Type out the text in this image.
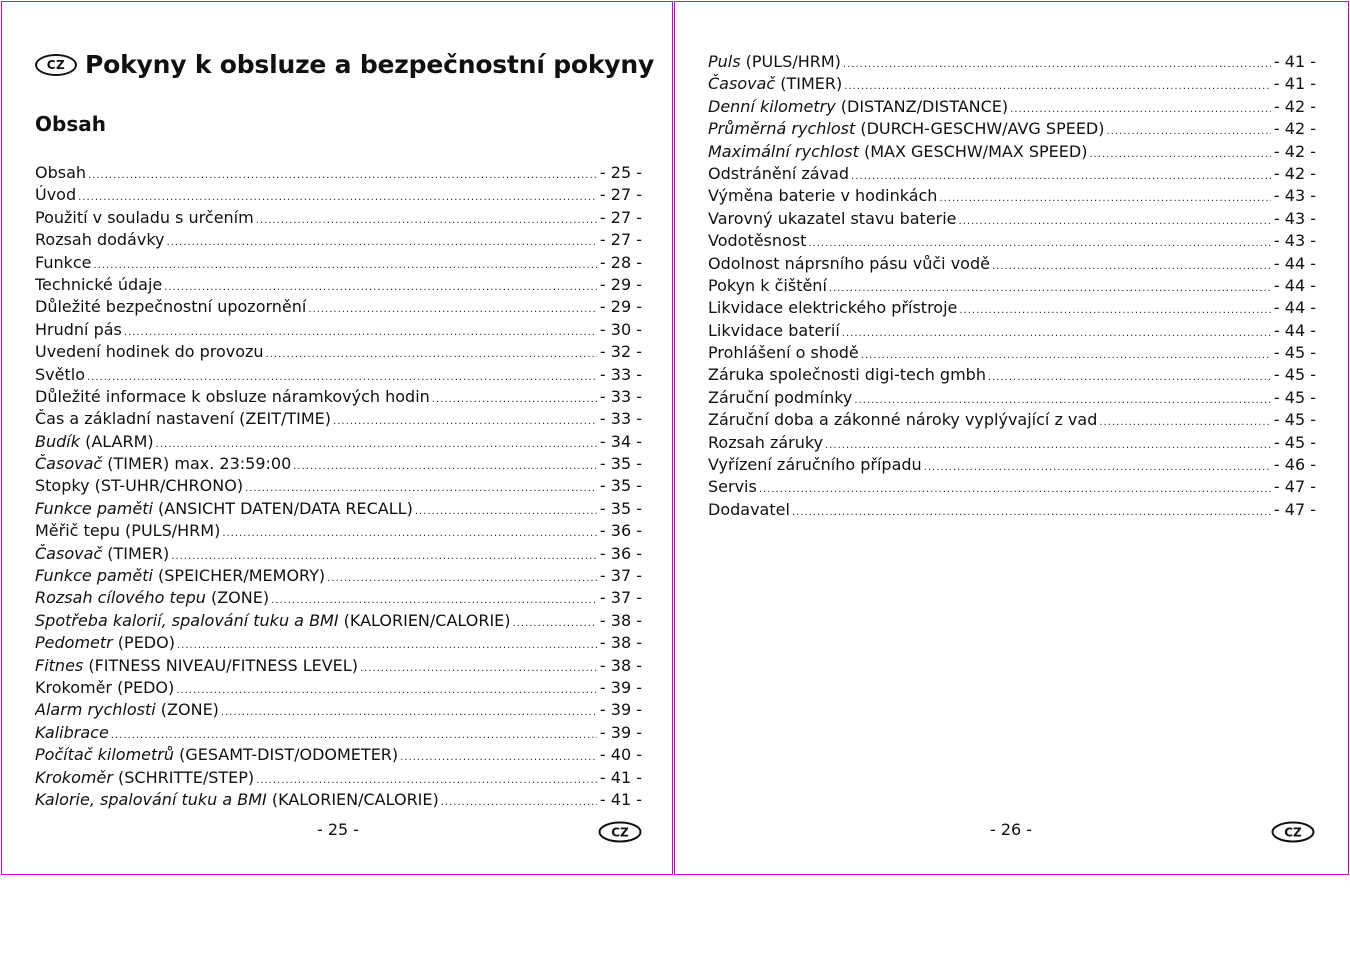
CZ Pokyny k obsluze a bezpečnostní pokyny
Obsah
Obsah .....	- 25 -
Úvod .....	- 27 -
Použití v souladu s určením .....	- 27 -
Rozsah dodávky .....	- 27 -
Funkce .....	- 28 -
Technické údaje .....	- 29 -
Důležité bezpečnostní upozornění .....	- 29 -
Hrudní pás .....	- 30 -
Uvedení hodinek do provozu .....	- 32 -
Světlo .....	- 33 -
Důležité informace k obsluze náramkových hodin .....	- 33 -
Čas a základní nastavení (ZEIT/TIME) .....	- 33 -
Budík (ALARM) .....	- 34 -
Časovač (TIMER) max. 23:59:00 .....	- 35 -
Stopky (ST-UHR/CHRONO) .....	- 35 -
Funkce paměti (ANSICHT DATEN/DATA RECALL) .....	- 35 -
Měřič tepu (PULS/HRM) .....	- 36 -
Časovač (TIMER) .....	- 36 -
Funkce paměti (SPEICHER/MEMORY) .....	- 37 -
Rozsah cílového tepu (ZONE) .....	- 37 -
Spotřeba kalorií, spalování tuku a BMI (KALORIEN/CALORIE) .....	- 38 -
Pedometr (PEDO) .....	- 38 -
Fitnes (FITNESS NIVEAU/FITNESS LEVEL) .....	- 38 -
Krokoměr (PEDO) .....	- 39 -
Alarm rychlosti (ZONE) .....	- 39 -
Kalibrace .....	- 39 -
Počítač kilometrů (GESAMT-DIST/ODOMETER) .....	- 40 -
Krokoměr (SCHRITTE/STEP) .....	- 41 -
Kalorie, spalování tuku a BMI (KALORIEN/CALORIE) .....	- 41 -
- 25 -	CZ
Puls (PULS/HRM) .....	- 41 -
Časovač (TIMER) .....	- 41 -
Denní kilometry (DISTANZ/DISTANCE) .....	- 42 -
Průměrná rychlost (DURCH-GESCHW/AVG SPEED) .....	- 42 -
Maximální rychlost (MAX GESCHW/MAX SPEED) .....	- 42 -
Odstránění závad .....	- 42 -
Výměna baterie v hodinkách .....	- 43 -
Varovný ukazatel stavu baterie .....	- 43 -
Vodotěsnost .....	- 43 -
Odolnost náprsního pásu vůči vodě .....	- 44 -
Pokyn k čištění .....	- 44 -
Likvidace elektrického přístroje .....	- 44 -
Likvidace baterií .....	- 44 -
Prohlášení o shodě .....	- 45 -
Záruka společnosti digi-tech gmbh .....	- 45 -
Záruční podmínky .....	- 45 -
Záruční doba a zákonné nároky vyplývající z vad .....	- 45 -
Rozsah záruky .....	- 45 -
Vyřízení záručního případu .....	- 46 -
Servis .....	- 47 -
Dodavatel .....	- 47 -
- 26 -	CZ
